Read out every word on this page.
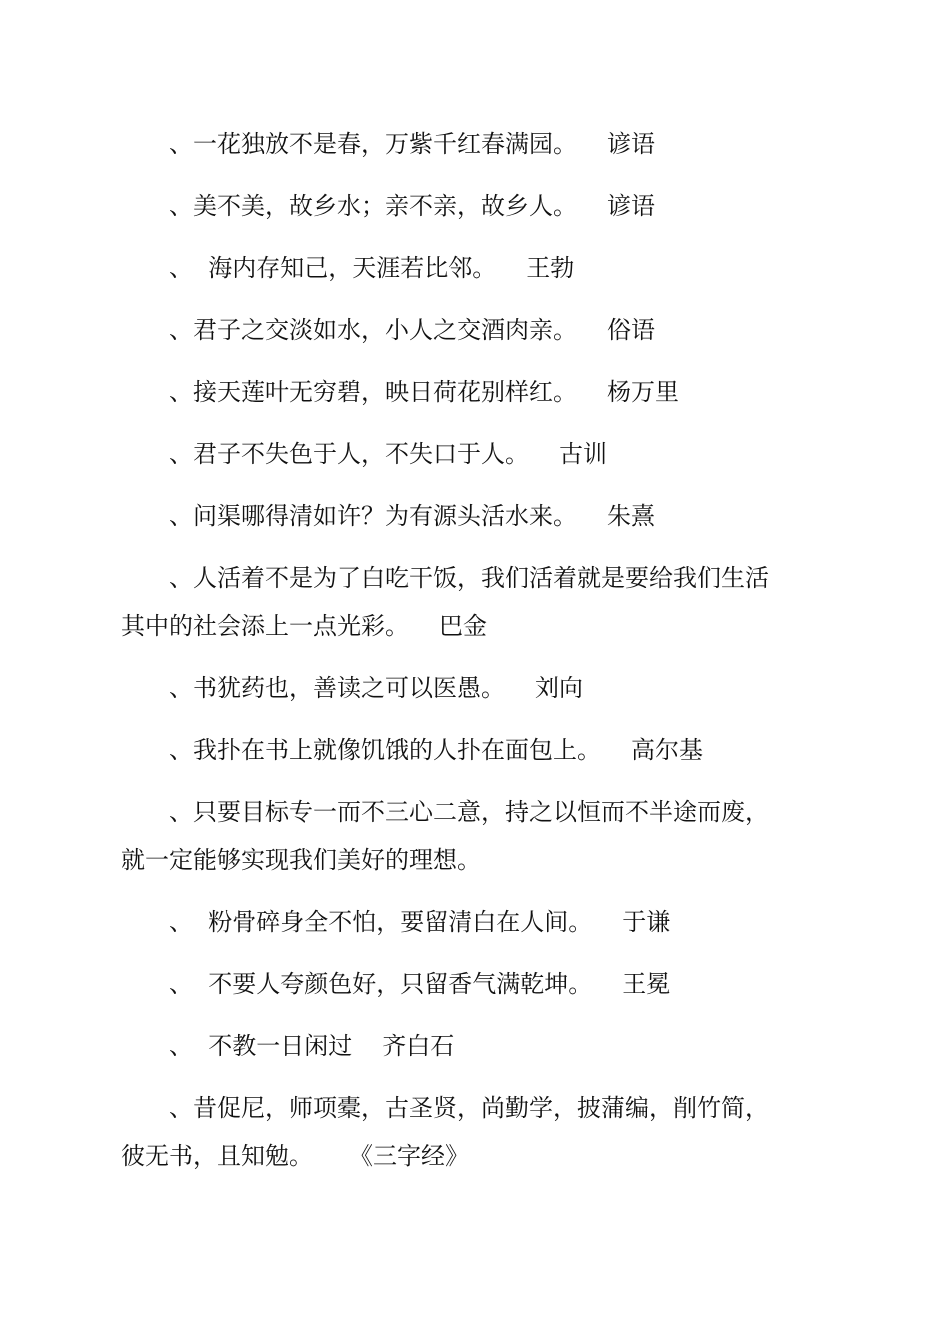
、一花独放不是春，万紫千红春满园。 谚语

、美不美，故乡水；亲不亲，故乡人。 谚语

、  海内存知己，天涯若比邻。 王勃

、君子之交淡如水，小人之交酒肉亲。 俗语

、接天莲叶无穷碧，映日荷花别样红。 杨万里

、君子不失色于人，不失口于人。 古训

、问渠哪得清如许？为有源头活水来。 朱熹

、人活着不是为了白吃干饭，我们活着就是要给我们生活
其中的社会添上一点光彩。 巴金

、书犹药也，善读之可以医愚。 刘向

、我扑在书上就像饥饿的人扑在面包上。 高尔基

、只要目标专一而不三心二意，持之以恒而不半途而废，
就一定能够实现我们美好的理想。

、  粉骨碎身全不怕，要留清白在人间。 于谦

、  不要人夸颜色好，只留香气满乾坤。 王冕

、  不教一日闲过 齐白石

、昔促尼，师项橐，古圣贤，尚勤学，披蒲编，削竹简，
彼无书，且知勉。 《三字经》
